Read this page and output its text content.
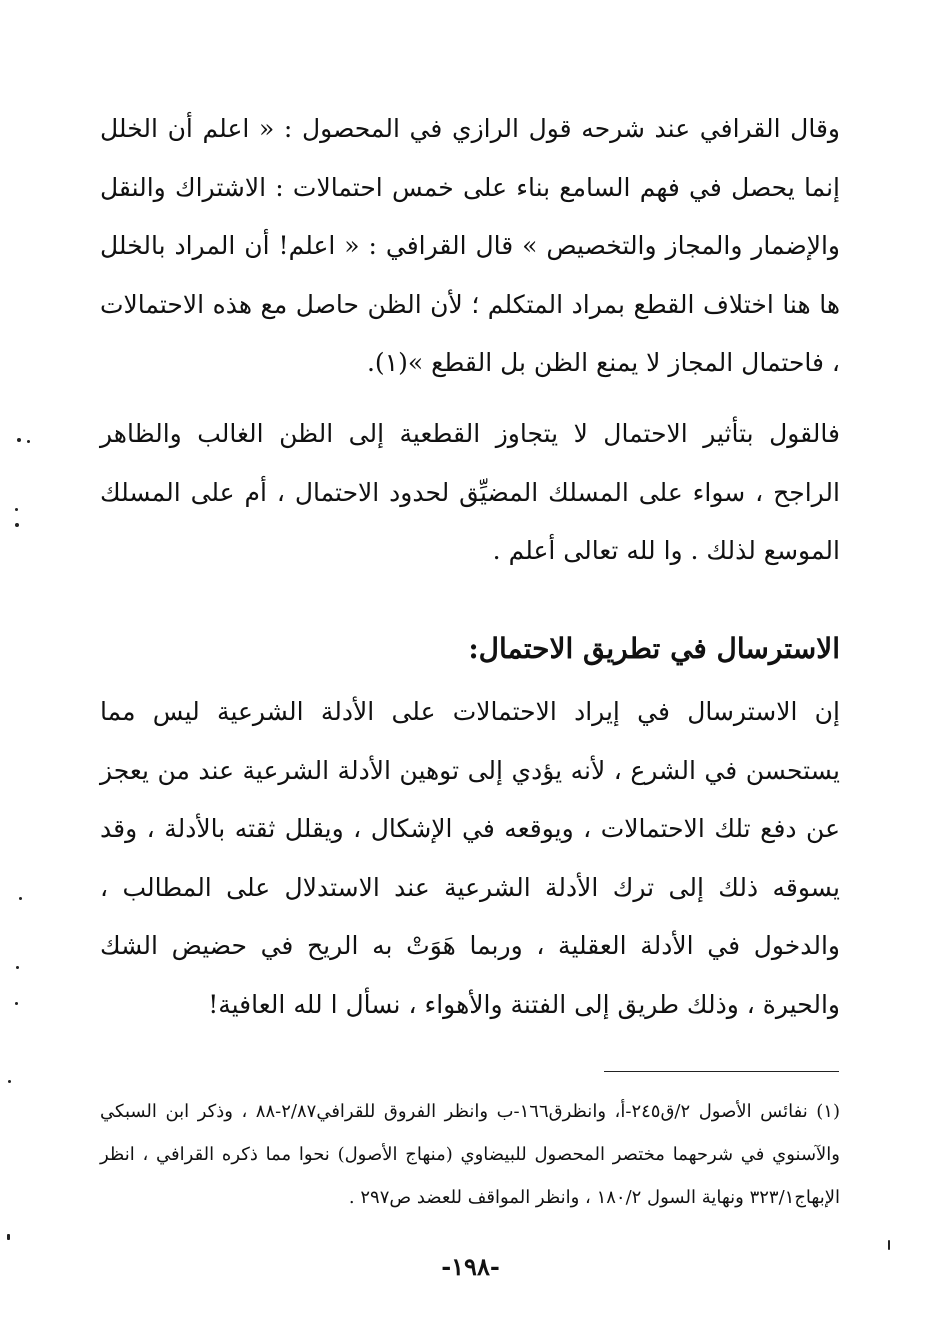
وقال القرافي عند شرحه قول الرازي في المحصول : « اعلم أن الخلل إنما يحصل في فهم السامع بناء على خمس احتمالات : الاشتراك والنقل والإضمار والمجاز والتخصيص » قال القرافي : « اعلم! أن المراد بالخلل ها هنا اختلاف القطع بمراد المتكلم ؛ لأن الظن حاصل مع هذه الاحتمالات ، فاحتمال المجاز لا يمنع الظن بل القطع »(١).

فالقول بتأثير الاحتمال لا يتجاوز القطعية إلى الظن الغالب والظاهر الراجح ، سواء على المسلك المضيِّق لحدود الاحتمال ، أم على المسلك الموسع لذلك . وا لله تعالى أعلم .

الاسترسال في تطريق الاحتمال:

إن الاسترسال في إيراد الاحتمالات على الأدلة الشرعية ليس مما يستحسن في الشرع ، لأنه يؤدي إلى توهين الأدلة الشرعية عند من يعجز عن دفع تلك الاحتمالات ، ويوقعه في الإشكال ، ويقلل ثقته بالأدلة ، وقد يسوقه ذلك إلى ترك الأدلة الشرعية عند الاستدلال على المطالب ، والدخول في الأدلة العقلية ، وربما هَوَتْ به الريح في حضيض الشك والحيرة ، وذلك طريق إلى الفتنة والأهواء ، نسأل ا لله العافية!

(١) نفائس الأصول ٢/ق٢٤٥-أ، وانظرق١٦٦-ب وانظر الفروق للقرافي٢/٨٧-٨٨ ، وذكر ابن السبكي والآسنوي في شرحهما مختصر المحصول للبيضاوي (منهاج الأصول) نحوا مما ذكره القرافي ، انظر الإبهاج٣٢٣/١ ونهاية السول ١٨٠/٢ ، وانظر المواقف للعضد ص٢٩٧ .

-١٩٨-
